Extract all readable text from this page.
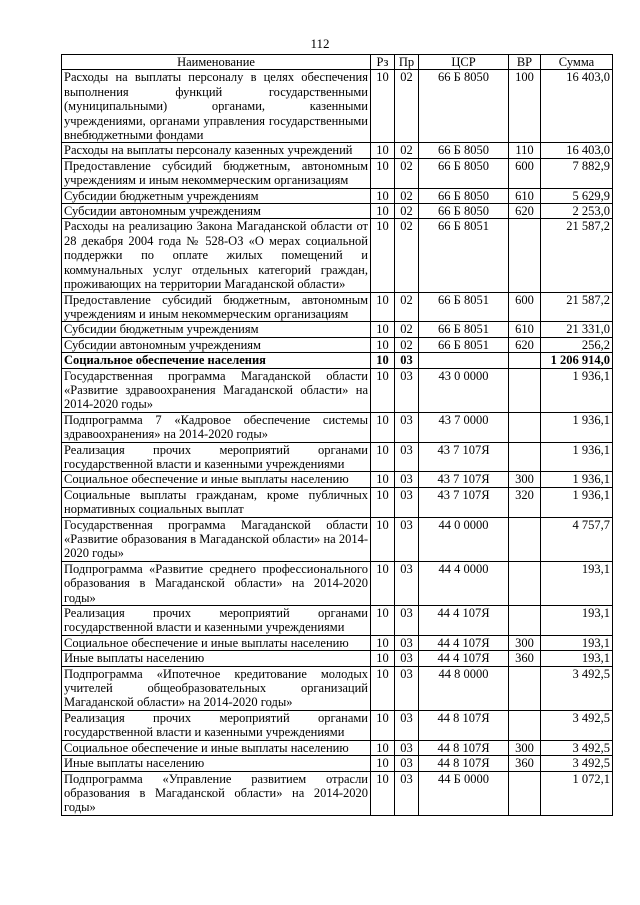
112
Наименование	Рз	Пр	ЦСР	ВР	Сумма
Расходы на выплаты персоналу в целях обеспечения выполнения функций государственными (муниципальными) органами, казенными учреждениями, органами управления государственными внебюджетными фондами	10	02	66 Б 8050	100	16 403,0
Расходы на выплаты персоналу казенных учреждений	10	02	66 Б 8050	110	16 403,0
Предоставление субсидий бюджетным, автономным учреждениям и иным некоммерческим организациям	10	02	66 Б 8050	600	7 882,9
Субсидии бюджетным учреждениям	10	02	66 Б 8050	610	5 629,9
Субсидии автономным учреждениям	10	02	66 Б 8050	620	2 253,0
Расходы на реализацию Закона Магаданской области от 28 декабря 2004 года № 528-ОЗ «О мерах социальной поддержки по оплате жилых помещений и коммунальных услуг отдельных категорий граждан, проживающих на территории Магаданской области»	10	02	66 Б 8051		21 587,2
Предоставление субсидий бюджетным, автономным учреждениям и иным некоммерческим организациям	10	02	66 Б 8051	600	21 587,2
Субсидии бюджетным учреждениям	10	02	66 Б 8051	610	21 331,0
Субсидии автономным учреждениям	10	02	66 Б 8051	620	256,2
Социальное обеспечение населения	10	03			1 206 914,0
Государственная программа Магаданской области «Развитие здравоохранения Магаданской области» на 2014-2020 годы»	10	03	43 0 0000		1 936,1
Подпрограмма 7 «Кадровое обеспечение системы здравоохранения» на 2014-2020 годы»	10	03	43 7 0000		1 936,1
Реализация прочих мероприятий органами государственной власти и казенными учреждениями	10	03	43 7 107Я		1 936,1
Социальное обеспечение и иные выплаты населению	10	03	43 7 107Я	300	1 936,1
Социальные выплаты гражданам, кроме публичных нормативных социальных выплат	10	03	43 7 107Я	320	1 936,1
Государственная программа Магаданской области «Развитие образования в Магаданской области» на 2014-2020 годы»	10	03	44 0 0000		4 757,7
Подпрограмма «Развитие среднего профессионального образования в Магаданской области» на 2014-2020 годы»	10	03	44 4 0000		193,1
Реализация прочих мероприятий органами государственной власти и казенными учреждениями	10	03	44 4 107Я		193,1
Социальное обеспечение и иные выплаты населению	10	03	44 4 107Я	300	193,1
Иные выплаты населению	10	03	44 4 107Я	360	193,1
Подпрограмма «Ипотечное кредитование молодых учителей общеобразовательных организаций Магаданской области» на 2014-2020 годы»	10	03	44 8 0000		3 492,5
Реализация прочих мероприятий органами государственной власти и казенными учреждениями	10	03	44 8 107Я		3 492,5
Социальное обеспечение и иные выплаты населению	10	03	44 8 107Я	300	3 492,5
Иные выплаты населению	10	03	44 8 107Я	360	3 492,5
Подпрограмма «Управление развитием отрасли образования в Магаданской области» на 2014-2020 годы»	10	03	44 Б 0000		1 072,1
